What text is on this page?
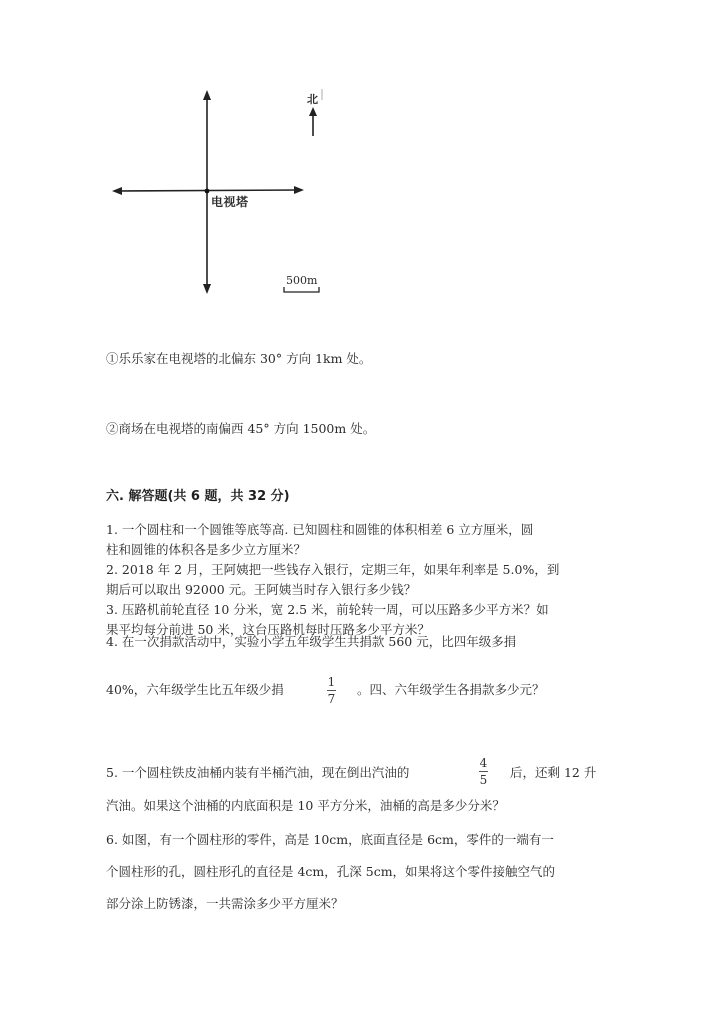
电视塔
北
500m
①乐乐家在电视塔的北偏东 30° 方向 1km 处。
②商场在电视塔的南偏西 45° 方向 1500m 处。
六. 解答题(共 6 题，共 32 分)
1. 一个圆柱和一个圆锥等底等高. 已知圆柱和圆锥的体积相差 6 立方厘米，圆
柱和圆锥的体积各是多少立方厘米？
2. 2018 年 2 月，王阿姨把一些钱存入银行，定期三年，如果年利率是 5.0%，到
期后可以取出 92000 元。王阿姨当时存入银行多少钱？
3. 压路机前轮直径 10 分米，宽 2.5 米，前轮转一周，可以压路多少平方米？如
果平均每分前进 50 米，这台压路机每时压路多少平方米？
4. 在一次捐款活动中，实验小学五年级学生共捐款 560 元，比四年级多捐
40%，六年级学生比五年级少捐	1
7
。四、六年级学生各捐款多少元？
5. 一个圆柱铁皮油桶内装有半桶汽油，现在倒出汽油的
4
5 后，还剩 12 升
汽油。如果这个油桶的内底面积是 10 平方分米，油桶的高是多少分米？
6. 如图，有一个圆柱形的零件，高是 10cm，底面直径是 6cm，零件的一端有一
个圆柱形的孔，圆柱形孔的直径是 4cm，孔深 5cm，如果将这个零件接触空气的
部分涂上防锈漆，一共需涂多少平方厘米？
